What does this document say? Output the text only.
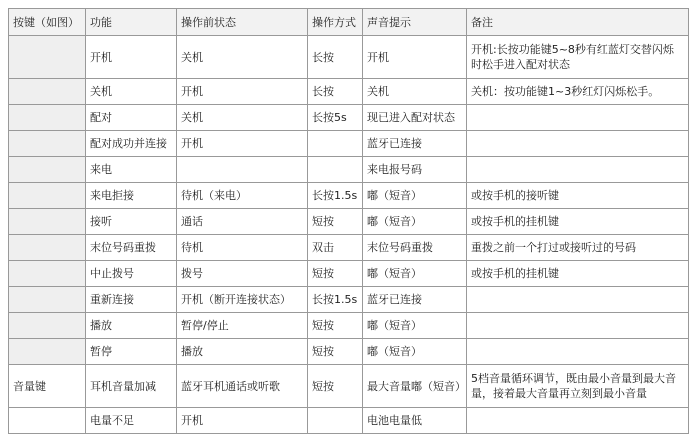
按键（如图）	功能	操作前状态	操作方式	声音提示	备注
	开机	关机	长按	开机	开机:长按功能键5~8秒有红蓝灯交替闪烁时松手进入配对状态
	关机	开机	长按	关机	关机：按功能键1~3秒红灯闪烁松手。
	配对	关机	长按5s	现已进入配对状态	
	配对成功并连接	开机		蓝牙已连接	
	来电			来电报号码	
	来电拒接	待机（来电）	长按1.5s	嘟（短音）	或按手机的接听键
	接听	通话	短按	嘟（短音）	或按手机的挂机键
	末位号码重拨	待机	双击	末位号码重拨	重拨之前一个打过或接听过的号码
	中止拨号	拨号	短按	嘟（短音）	或按手机的挂机键
	重新连接	开机（断开连接状态）	长按1.5s	蓝牙已连接	
	播放	暂停/停止	短按	嘟（短音）	
	暂停	播放	短按	嘟（短音）	
音量键	耳机音量加减	蓝牙耳机通话或听歌	短按	最大音量嘟（短音）	5档音量循环调节，既由最小音量到最大音量，接着最大音量再立刻到最小音量
	电量不足	开机		电池电量低	
